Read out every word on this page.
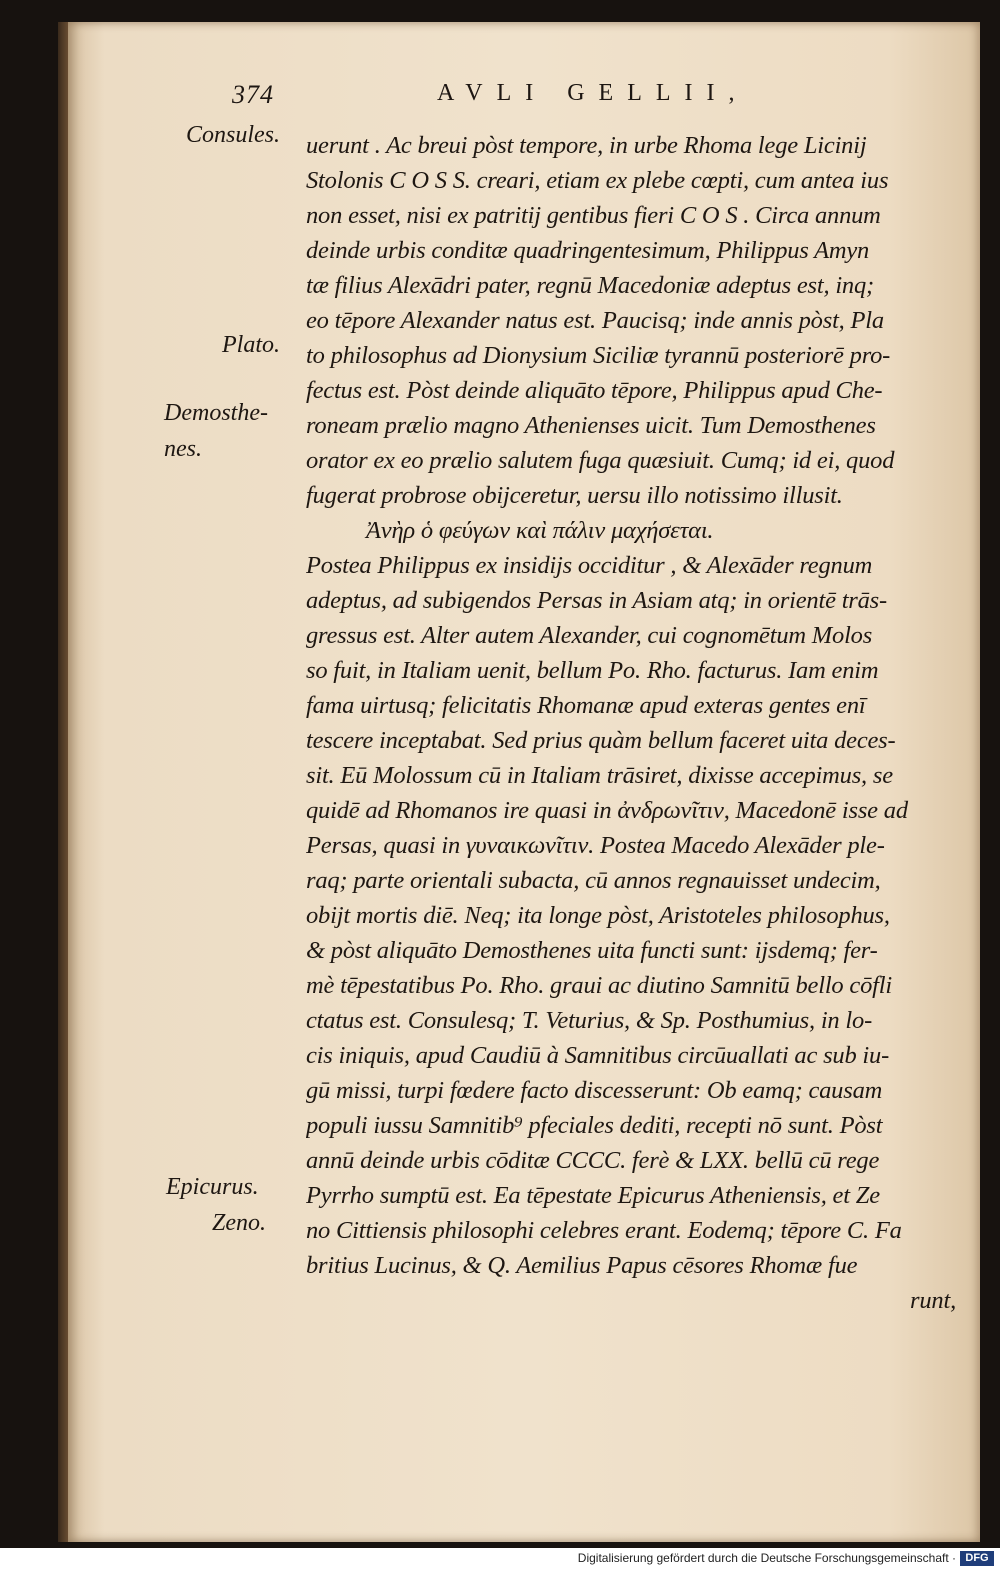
374	AVLI GELLII,
Consules.
Plato.
Demosthe-
nes.
Epicurus.
Zeno.
uerunt . Ac breui pòst tempore, in urbe Rhoma lege Licinij
Stolonis C O S S. creari, etiam ex plebe cœpti, cum antea ius
non esset, nisi ex patritij gentibus fieri C O S . Circa annum
deinde urbis conditæ quadringentesimum, Philippus Amyn
tæ filius Alexādri pater, regnū Macedoniæ adeptus est, inq;
eo tēpore Alexander natus est. Paucisq; inde annis pòst, Pla
to philosophus ad Dionysium Siciliæ tyrannū posteriorē pro-
fectus est. Pòst deinde aliquāto tēpore, Philippus apud Che-
roneam prælio magno Athenienses uicit. Tum Demosthenes
orator ex eo prælio salutem fuga quæsiuit. Cumq; id ei, quod
fugerat probrose obijceretur, uersu illo notissimo illusit.
Ἀνὴρ ὁ φεύγων καὶ πάλιν μαχήσεται.
Postea Philippus ex insidijs occiditur , & Alexāder regnum
adeptus, ad subigendos Persas in Asiam atq; in orientē trās-
gressus est. Alter autem Alexander, cui cognomētum Molos
so fuit, in Italiam uenit, bellum Po. Rho. facturus. Iam enim
fama uirtusq; felicitatis Rhomanæ apud exteras gentes enī
tescere inceptabat. Sed prius quàm bellum faceret uita deces-
sit. Eū Molossum cū in Italiam trāsiret, dixisse accepimus, se
quidē ad Rhomanos ire quasi in ἀνδρωνῖτιν, Macedonē isse ad
Persas, quasi in γυναικωνῖτιν. Postea Macedo Alexāder ple-
raq; parte orientali subacta, cū annos regnauisset undecim,
obijt mortis diē. Neq; ita longe pòst, Aristoteles philosophus,
& pòst aliquāto Demosthenes uita functi sunt: ijsdemq; fer-
mè tēpestatibus Po. Rho. graui ac diutino Samnitū bello cōfli
ctatus est. Consulesq; T. Veturius, & Sp. Posthumius, in lo-
cis iniquis, apud Caudiū à Samnitibus circūuallati ac sub iu-
gū missi, turpi fœdere facto discesserunt: Ob eamq; causam
populi iussu Samnitib⁹ pfeciales dediti, recepti nō sunt. Pòst
annū deinde urbis cōditæ CCCC. ferè & LXX. bellū cū rege
Pyrrho sumptū est. Ea tēpestate Epicurus Atheniensis, et Ze
no Cittiensis philosophi celebres erant. Eodemq; tēpore C. Fa
britius Lucinus, & Q. Aemilius Papus cēsores Rhomæ fue
runt,
Digitalisierung gefördert durch die Deutsche Forschungsgemeinschaft · DFG
